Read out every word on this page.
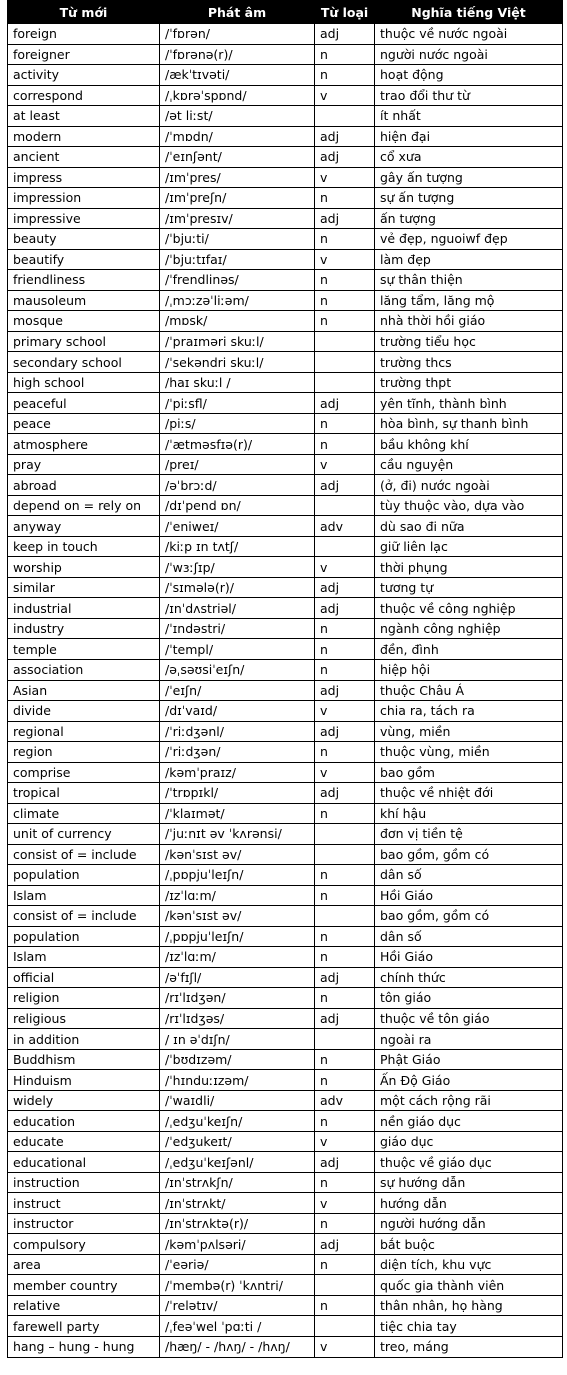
Từ mới	Phát âm	Từ loại	Nghĩa tiếng Việt
foreign	/ˈfɒrən/	adj	thuộc về nước ngoài
foreigner	/ˈfɒrənə(r)/	n	người nước ngoài
activity	/ækˈtɪvəti/	n	hoạt động
correspond	/ˌkɒrəˈspɒnd/	v	trao đổi thư từ
at least	/ət liːst/		ít nhất
modern	/ˈmɒdn/	adj	hiện đại
ancient	/ˈeɪnʃənt/	adj	cổ xưa
impress	/ɪmˈpres/	v	gây ấn tượng
impression	/ɪmˈpreʃn/	n	sự ấn tượng
impressive	/ɪmˈpresɪv/	adj	ấn tượng
beauty	/ˈbjuːti/	n	vẻ đẹp, nguoiwf đẹp
beautify	/ˈbjuːtɪfaɪ/	v	làm đẹp
friendliness	/ˈfrendlinəs/	n	sự thân thiện
mausoleum	/ˌmɔːzəˈliːəm/	n	lăng tẩm, lăng mộ
mosque	/mɒsk/	n	nhà thời hồi giáo
primary school	/ˈpraɪməri skuːl/		trường tiểu học
secondary school	/ˈsekəndri skuːl/		trường thcs
high school	/haɪ skuːl /		trường thpt
peaceful	/ˈpiːsfl/	adj	yên tĩnh, thành bình
peace	/piːs/	n	hòa bình, sự thanh bình
atmosphere	/ˈætməsfɪə(r)/	n	bầu không khí
pray	/preɪ/	v	cầu nguyện
abroad	/əˈbrɔːd/	adj	(ở, đi) nước ngoài
depend on = rely on	/dɪˈpend ɒn/		tùy thuộc vào, dựa vào
anyway	/ˈeniweɪ/	adv	dù sao đi nữa
keep in touch	/kiːp ɪn tʌtʃ/		giữ liên lạc
worship	/ˈwɜːʃɪp/	v	thời phụng
similar	/ˈsɪmələ(r)/	adj	tương tự
industrial	/ɪnˈdʌstriəl/	adj	thuộc về công nghiệp
industry	/ˈɪndəstri/	n	ngành công nghiệp
temple	/ˈtempl/	n	đền, đình
association	/əˌsəʊsiˈeɪʃn/	n	hiệp hội
Asian	/ˈeɪʃn/	adj	thuộc Châu Á
divide	/dɪˈvaɪd/	v	chia ra, tách ra
regional	/ˈriːdʒənl/	adj	vùng, miền
region	/ˈriːdʒən/	n	thuộc vùng, miền
comprise	/kəmˈpraɪz/	v	bao gồm
tropical	/ˈtrɒpɪkl/	adj	thuộc về nhiệt đới
climate	/ˈklaɪmət/	n	khí hậu
unit of currency	/ˈjuːnɪt əv ˈkʌrənsi/		đơn vị tiền tệ
consist of = include	/kənˈsɪst əv/		bao gồm, gồm có
population	/ˌpɒpjuˈleɪʃn/	n	dân số
Islam	/ɪzˈlɑːm/	n	Hồi Giáo
consist of = include	/kənˈsɪst əv/		bao gồm, gồm có
population	/ˌpɒpjuˈleɪʃn/	n	dân số
Islam	/ɪzˈlɑːm/	n	Hồi Giáo
official	/əˈfɪʃl/	adj	chính thức
religion	/rɪˈlɪdʒən/	n	tôn giáo
religious	/rɪˈlɪdʒəs/	adj	thuộc về tôn giáo
in addition	/ ɪn əˈdɪʃn/		ngoài ra
Buddhism	/ˈbʊdɪzəm/	n	Phật Giáo
Hinduism	/ˈhɪnduːɪzəm/	n	Ấn Độ Giáo
widely	/ˈwaɪdli/	adv	một cách rộng rãi
education	/ˌedʒuˈkeɪʃn/	n	nền giáo dục
educate	/ˈedʒukeɪt/	v	giáo dục
educational	/ˌedʒuˈkeɪʃənl/	adj	thuộc về giáo dục
instruction	/ɪnˈstrʌkʃn/	n	sự hướng dẫn
instruct	/ɪnˈstrʌkt/	v	hướng dẫn
instructor	/ɪnˈstrʌktə(r)/	n	người hướng dẫn
compulsory	/kəmˈpʌlsəri/	adj	bắt buộc
area	/ˈeəriə/	n	diện tích, khu vực
member country	/ˈmembə(r) ˈkʌntri/		quốc gia thành viên
relative	/ˈrelətɪv/	n	thân nhân, họ hàng
farewell party	/ˌfeəˈwel ˈpɑːti /		tiệc chia tay
hang – hung - hung	/hæŋ/ - /hʌŋ/ - /hʌŋ/	v	treo, máng
